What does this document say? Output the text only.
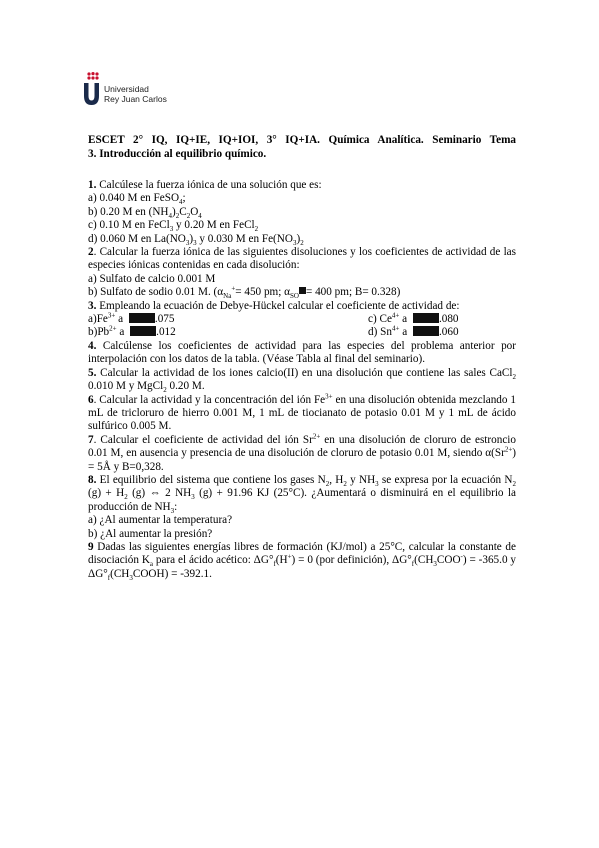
Universidad
Rey Juan Carlos
ESCET 2° IQ, IQ+IE, IQ+IOI, 3° IQ+IA. Química Analítica. Seminario Tema
3. Introducción al equilibrio químico.

1. Calcúlese la fuerza iónica de una solución que es:

a) 0.040 M en FeSO$_4$;

b) 0.20 M en $(NH_4)_2C_2O_4$

c) 0.10 M en FeCl$_3$ y 0.20 M en FeCl$_2$

d) 0.060 M en $La(NO_3)_3$ y 0.030 M en $Fe(NO_3)_2$

2. Calcular la fuerza iónica de las siguientes disoluciones y los coeficientes de actividad de las especies iónicas contenidas en cada disolución:

a) Sulfato de calcio 0.001 M

b) Sulfato de sodio 0.01 M. ($\alpha_{Na}^+= 450$ pm; $\alpha_{SO} = 400$ pm; B= 0.328)

3. Empleando la ecuación de Debye-Hückel calcular el coeficiente de actividad de:

$a)Fe^{3+}$ a	.075	c) $Ce^{4+}$ a	.080
$b)Pb^{2+}$ a	.012	d) $Sn^{4+}$ a	.060

4. Calcúlense los coeficientes de actividad para las especies del problema anterior por interpolación con los datos de la tabla. (Véase Tabla al final del seminario).

5. Calcular la actividad de los iones calcio(II) en una disolución que contiene las sales CaCl$_2$ 0.010 M y MgCl$_2$ 0.20 M.

6. Calcular la actividad y la concentración del ión $Fe^{3+}$ en una disolución obtenida mezclando 1 mL de tricloruro de hierro 0.001 M, 1 mL de tiocianato de potasio 0.01 M y 1 mL de ácido sulfúrico 0.005 M.

7. Calcular el coeficiente de actividad del ión $Sr^{2+}$ en una disolución de cloruro de estroncio 0.01 M, en ausencia y presencia de una disolución de cloruro de potasio 0.01 M, siendo $\alpha(Sr^{2+})$ = 5Å y B=0,328.

8. El equilibrio del sistema que contiene los gases $N_2$, $H_2$ y $NH_3$ se expresa por la ecuación $N_2$ $(g) + H_2$ (g) ⇔ 2 $NH_3$ (g) + 91.96 KJ (25°C). ¿Aumentará o disminuirá en el equilibrio la producción de $NH_3$:

a) ¿Al aumentar la temperatura?

b) ¿Al aumentar la presión?

9 Dadas las siguientes energías libres de formación (KJ/mol) a 25°C, calcular la constante de disociación $K_a$ para el ácido acético: $\Delta G^\circ_f(H^+) = 0$ (por definición), $\Delta G^\circ_f(CH_3COO^-) = -365.0$ y $\Delta G^\circ_f(CH_3COOH) = -392.1$.
